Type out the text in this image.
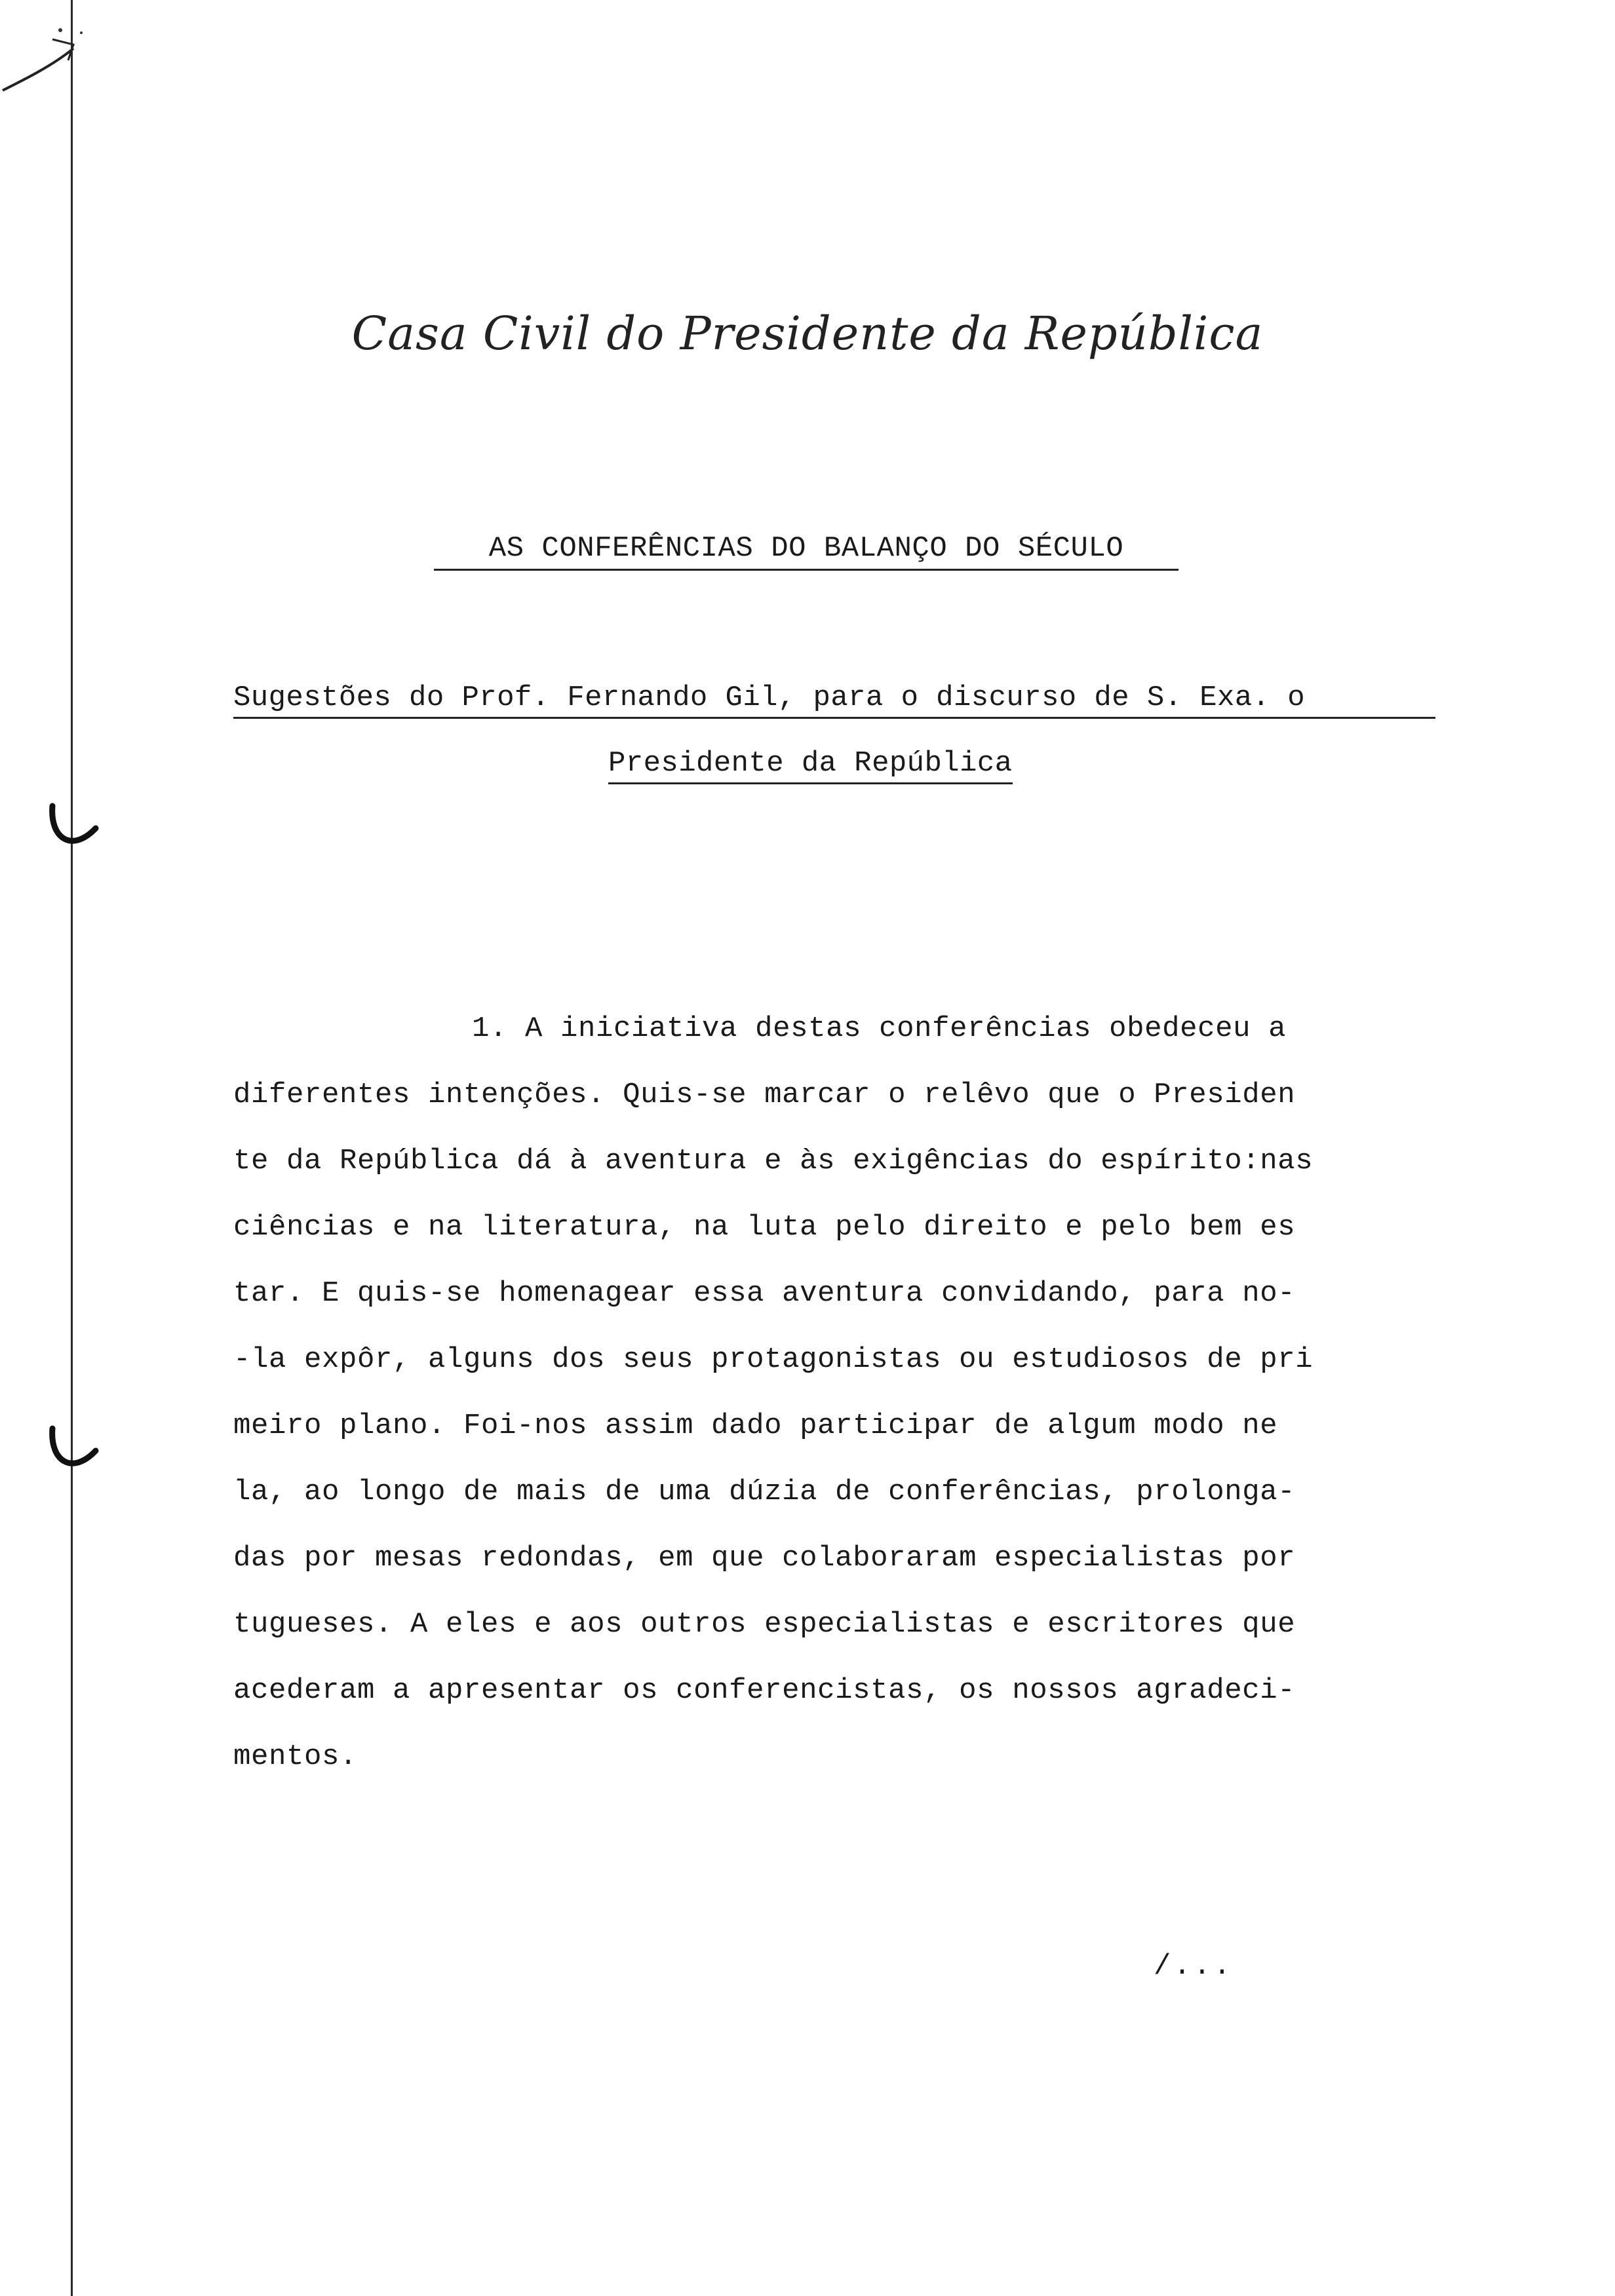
Casa Civil do Presidente da República
AS CONFERÊNCIAS DO BALANÇO DO SÉCULO
Sugestões do Prof. Fernando Gil, para o discurso de S. Exa. o
Presidente da República
1. A iniciativa destas conferências obedeceu a
diferentes intenções. Quis-se marcar o relêvo que o Presiden
te da República dá à aventura e às exigências do espírito:nas
ciências e na literatura, na luta pelo direito e pelo bem es
tar. E quis-se homenagear essa aventura convidando, para no-
-la expôr, alguns dos seus protagonistas ou estudiosos de pri
meiro plano. Foi-nos assim dado participar de algum modo ne
la, ao longo de mais de uma dúzia de conferências, prolonga-
das por mesas redondas, em que colaboraram especialistas por
tugueses. A eles e aos outros especialistas e escritores que
acederam a apresentar os conferencistas, os nossos agradeci-
mentos.
/...
